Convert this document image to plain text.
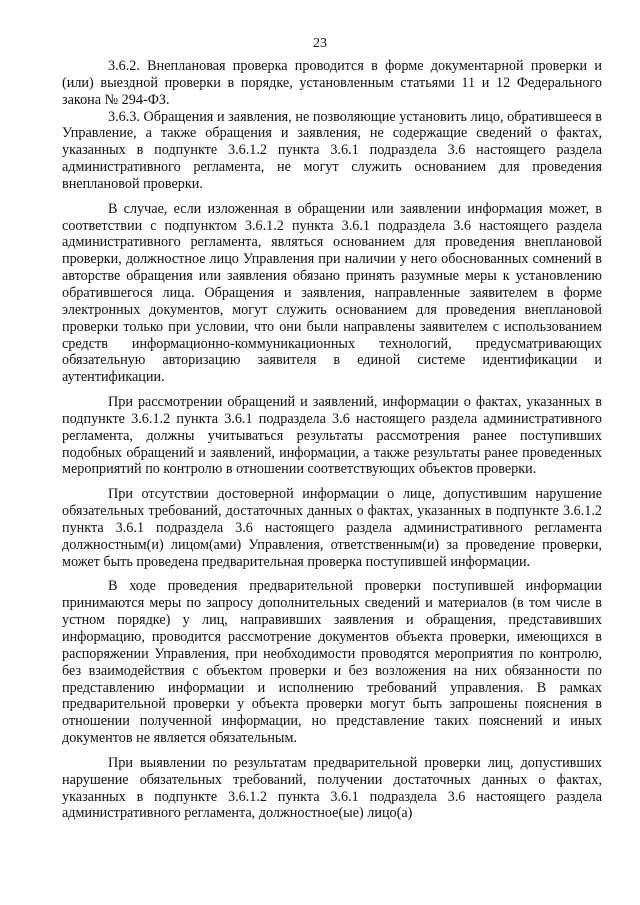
23

3.6.2. Внеплановая проверка проводится в форме документарной проверки и (или) выездной проверки в порядке, установленным статьями 11 и 12 Федерального закона № 294-ФЗ.

3.6.3. Обращения и заявления, не позволяющие установить лицо, обратившееся в Управление, а также обращения и заявления, не содержащие сведений о фактах, указанных в подпункте 3.6.1.2 пункта 3.6.1 подраздела 3.6 настоящего раздела административного регламента, не могут служить основанием для проведения внеплановой проверки.

В случае, если изложенная в обращении или заявлении информация может, в соответствии с подпунктом 3.6.1.2 пункта 3.6.1 подраздела 3.6 настоящего раздела административного регламента, являться основанием для проведения внеплановой проверки, должностное лицо Управления при наличии у него обоснованных сомнений в авторстве обращения или заявления обязано принять разумные меры к установлению обратившегося лица. Обращения и заявления, направленные заявителем в форме электронных документов, могут служить основанием для проведения внеплановой проверки только при условии, что они были направлены заявителем с использованием средств информационно-коммуникационных технологий, предусматривающих обязательную авторизацию заявителя в единой системе идентификации и аутентификации.

При рассмотрении обращений и заявлений, информации о фактах, указанных в подпункте 3.6.1.2 пункта 3.6.1 подраздела 3.6 настоящего раздела административного регламента, должны учитываться результаты рассмотрения ранее поступивших подобных обращений и заявлений, информации, а также результаты ранее проведенных мероприятий по контролю в отношении соответствующих объектов проверки.

При отсутствии достоверной информации о лице, допустившим нарушение обязательных требований, достаточных данных о фактах, указанных в подпункте 3.6.1.2 пункта 3.6.1 подраздела 3.6 настоящего раздела административного регламента должностным(и) лицом(ами) Управления, ответственным(и) за проведение проверки, может быть проведена предварительная проверка поступившей информации.

В ходе проведения предварительной проверки поступившей информации принимаются меры по запросу дополнительных сведений и материалов (в том числе в устном порядке) у лиц, направивших заявления и обращения, представивших информацию, проводится рассмотрение документов объекта проверки, имеющихся в распоряжении Управления, при необходимости проводятся мероприятия по контролю, без взаимодействия с объектом проверки и без возложения на них обязанности по представлению информации и исполнению требований управления. В рамках предварительной проверки у объекта проверки могут быть запрошены пояснения в отношении полученной информации, но представление таких пояснений и иных документов не является обязательным.

При выявлении по результатам предварительной проверки лиц, допустивших нарушение обязательных требований, получении достаточных данных о фактах, указанных в подпункте 3.6.1.2 пункта 3.6.1 подраздела 3.6 настоящего раздела административного регламента, должностное(ые) лицо(а)
